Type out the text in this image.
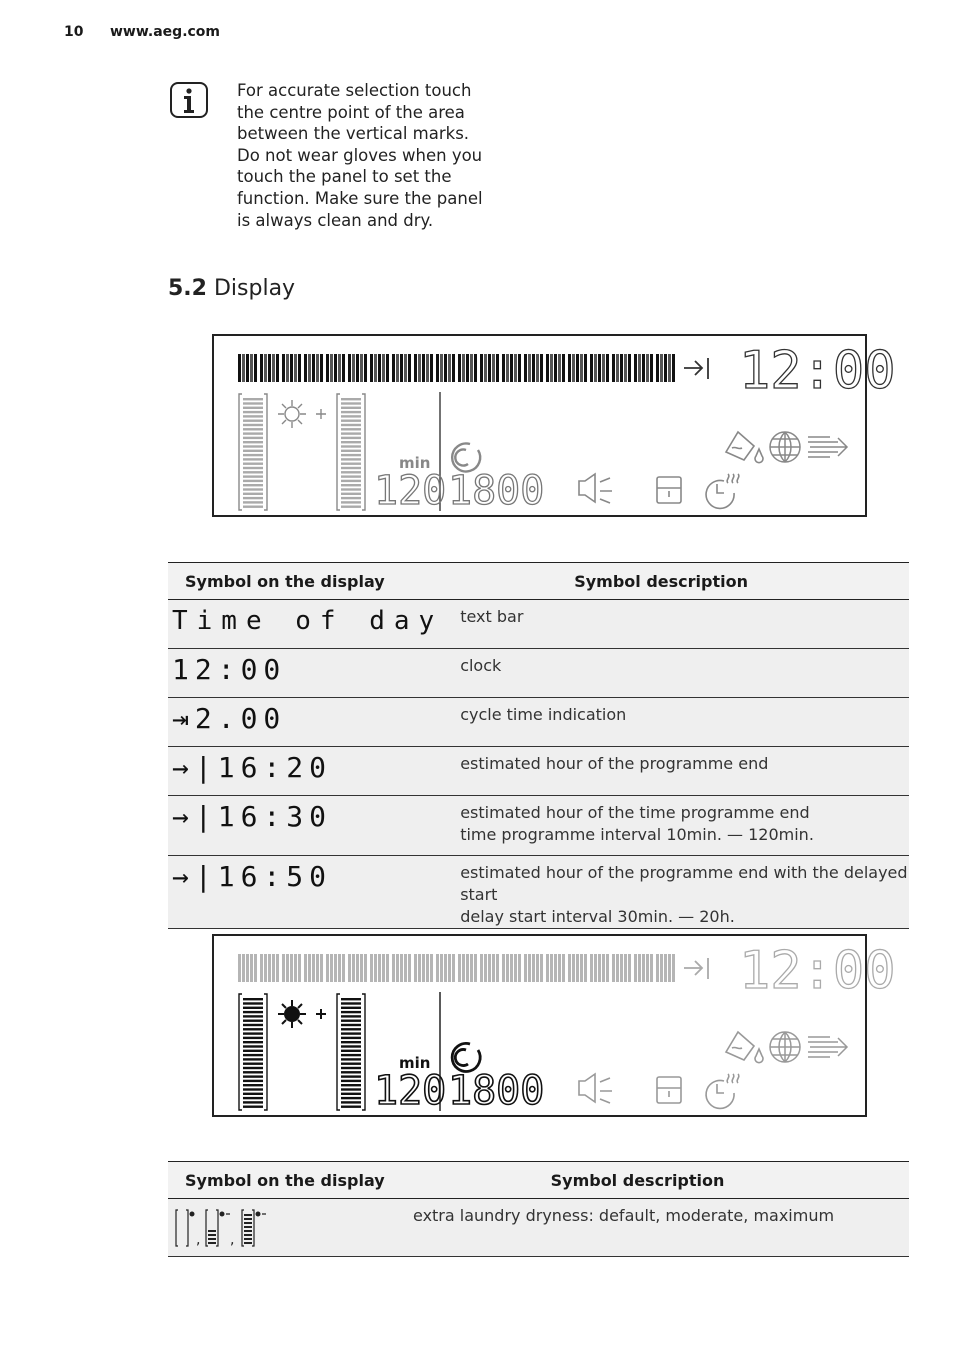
10 www.aeg.com
For accurate selection touch the centre point of the area between the vertical marks. Do not wear gloves when you touch the panel to set the function. Make sure the panel is always clean and dry.
5.2 Display
12:00
min
120 1800
Symbol on the display	Symbol description
Time of day	text bar
12:00	clock
⇥2.00	cycle time indication
→|16:20	estimated hour of the programme end
→|16:30	estimated hour of the time programme end
time programme interval 10min. — 120min.

→|16:50	estimated hour of the programme end with the delayed start
delay start interval 30min. — 20h.
12:00
min
120 1800
Symbol on the display	Symbol description

, ,	extra laundry dryness: default, moderate, maximum
